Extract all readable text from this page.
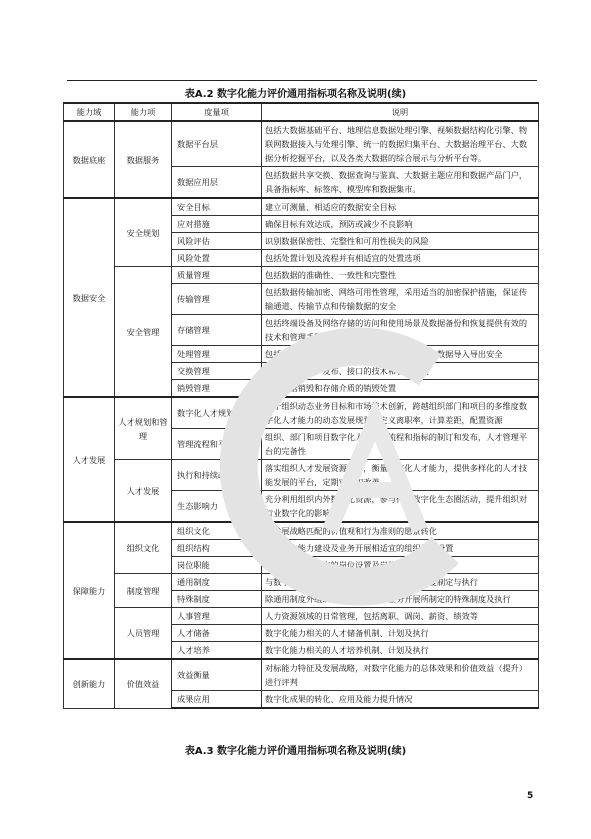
表A.2 数字化能力评价通用指标项名称及说明(续)
能力域	能力项	度量项	说明
数据底座	数据服务	数据平台层	包括大数据基础平台、地理信息数据处理引擎、视频数据结构化引擎、物联网数据接入与处理引擎、统一的数据归集平台、大数据治理平台、大数据分析挖掘平台，以及各类大数据的综合展示与分析平台等。
		数据应用层	包括数据共享交换、数据查询与鉴真、大数据主题应用和数据产品门户，具备指标库、标签库、模型库和数据集市。
数据安全	安全规划	安全目标	建立可测量、相适应的数据安全目标
		应对措施	确保目标有效达成，预防或减少不良影响
		风险评估	识别数据保密性、完整性和可用性损失的风险
		风险处置	包括处置计划及流程并有相适宜的处置选项
	安全管理	质量管理	包括数据的准确性、一致性和完整性
		传输管理	包括数据传输加密、网络可用性管理，采用适当的加密保护措施，保证传输通道、传输节点和传输数据的安全
		存储管理	包括终端设备及网络存储的访问和使用场景及数据备份和恢复提供有效的技术和管理手段
		处理管理	包括数据脱敏、数据分析安全、处理环境安全及数据导入导出安全
		交换管理	包括数据共享、发布、接口的技术和管理手段
		销毁管理	包括数据销毁和存储介质的销毁处置
人才发展	人才规划和管理	数字化人才规划	基于组织动态业务目标和市场技术创新，跨越组织部门和项目的多维度数字化人才能力的动态发展规划，定义离职率，计算差距，配置资源
		管理流程和平台	组织、部门和项目数字化人才管理流程和指标的制订和发布，人才管理平台的完备性
	人才发展	执行和持续改善	落实组织人才发展资源保障，衡量数字化人才能力，提供多样化的人才技能发展的平台，定期审核和改善
		生态影响力	充分利用组织内外数字化资源，参与行业数字化生态圈活动，提升组织对行业数字化的影响力。
保障能力	组织文化	组织文化	与发展战略匹配的价值观和行为准则的愿景转化
		组织结构	与数字化能力建设及业务开展相适宜的组织结构设置
		岗位职能	与组织结构相适宜的岗位设置及岗位职能说明
	制度管理	通用制度	与数字化能力建设及业务开展相适宜的管理制度制定与执行
		特殊制度	除通用制度外组织针对内部管理和业务开展所制定的特殊制度及执行
	人员管理	人事管理	人力资源领域的日常管理，包括离职、调岗、薪资、绩效等
		人才储备	数字化能力相关的人才储备机制、计划及执行
		人才培养	数字化能力相关的人才培养机制、计划及执行
创新能力	价值效益	效益衡量	对标能力特征及发展战略，对数字化能力的总体效果和价值效益（提升）进行评判
		成果应用	数字化成果的转化、应用及能力提升情况
表A.3 数字化能力评价通用指标项名称及说明(续)
5
